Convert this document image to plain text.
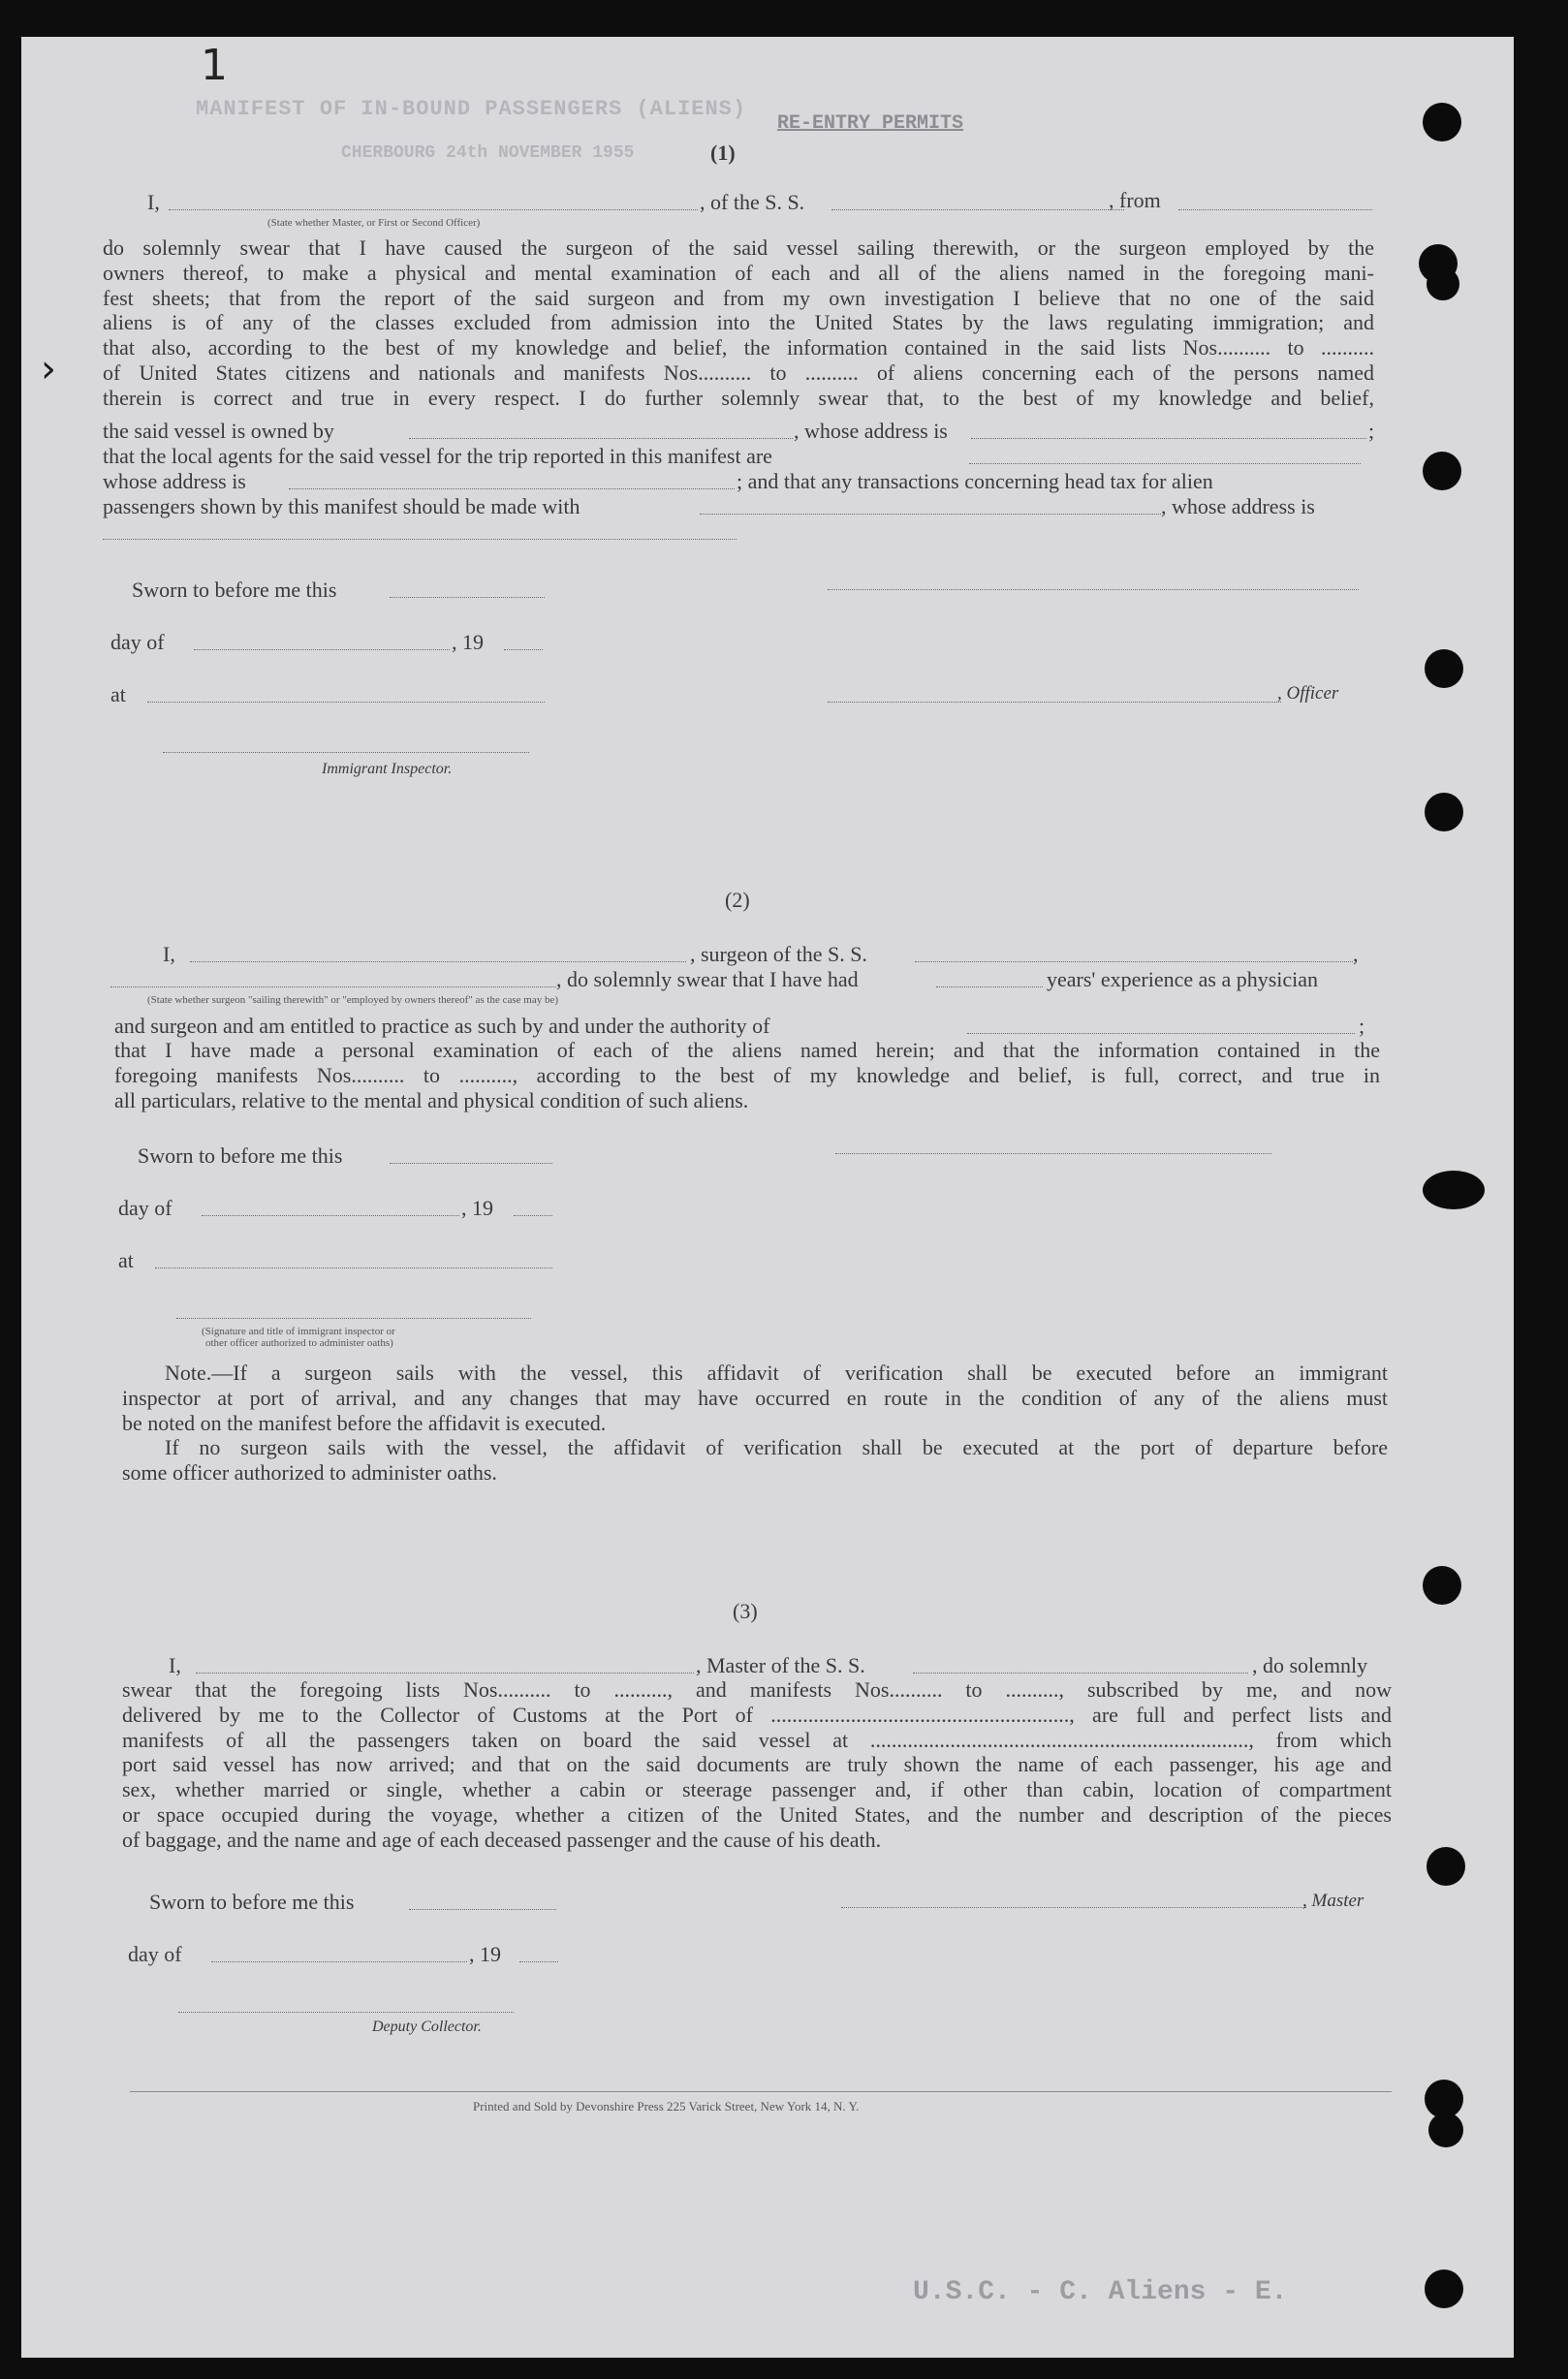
MANIFEST OF IN-BOUND PASSENGERS (ALIENS)
CHERBOURG 24th NOVEMBER 1955
RE-ENTRY PERMITS
1
(1)
I,	, of the S. S.	, from
(State whether Master, or First or Second Officer)
do solemnly swear that I have caused the surgeon of the said vessel sailing therewith, or the surgeon employed by the
owners thereof, to make a physical and mental examination of each and all of the aliens named in the foregoing mani-
fest sheets; that from the report of the said surgeon and from my own investigation I believe that no one of the said
aliens is of any of the classes excluded from admission into the United States by the laws regulating immigration; and
that also, according to the best of my knowledge and belief, the information contained in the said lists Nos.......... to ..........
of United States citizens and nationals and manifests Nos.......... to .......... of aliens concerning each of the persons named
therein is correct and true in every respect. I do further solemnly swear that, to the best of my knowledge and belief,
the said vessel is owned by	, whose address is	;
that the local agents for the said vessel for the trip reported in this manifest are
whose address is	; and that any transactions concerning head tax for alien
passengers shown by this manifest should be made with	, whose address is
Sworn to before me this
day of	, 19
at	, Officer
Immigrant Inspector.
(2)
I,	, surgeon of the S. S.	,
, do solemnly swear that I have had	years' experience as a physician
(State whether surgeon "sailing therewith" or "employed by owners thereof" as the case may be)
and surgeon and am entitled to practice as such by and under the authority of	;
that I have made a personal examination of each of the aliens named herein; and that the information contained in the
foregoing manifests Nos.......... to .........., according to the best of my knowledge and belief, is full, correct, and true in
all particulars, relative to the mental and physical condition of such aliens.
Sworn to before me this
day of	, 19
at
(Signature and title of immigrant inspector or
other officer authorized to administer oaths)
Note.—If a surgeon sails with the vessel, this affidavit of verification shall be executed before an immigrant
inspector at port of arrival, and any changes that may have occurred en route in the condition of any of the aliens must
be noted on the manifest before the affidavit is executed.
If no surgeon sails with the vessel, the affidavit of verification shall be executed at the port of departure before
some officer authorized to administer oaths.
(3)
I,	, Master of the S. S.	, do solemnly
swear that the foregoing lists Nos.......... to .........., and manifests Nos.......... to .........., subscribed by me, and now
delivered by me to the Collector of Customs at the Port of ........................................................, are full and perfect lists and
manifests of all the passengers taken on board the said vessel at ......................................................................., from which
port said vessel has now arrived; and that on the said documents are truly shown the name of each passenger, his age and
sex, whether married or single, whether a cabin or steerage passenger and, if other than cabin, location of compartment
or space occupied during the voyage, whether a citizen of the United States, and the number and description of the pieces
of baggage, and the name and age of each deceased passenger and the cause of his death.
Sworn to before me this	, Master
day of	, 19
Deputy Collector.
Printed and Sold by Devonshire Press 225 Varick Street, New York 14, N. Y.
U.S.C. - C. Aliens - E.
›
